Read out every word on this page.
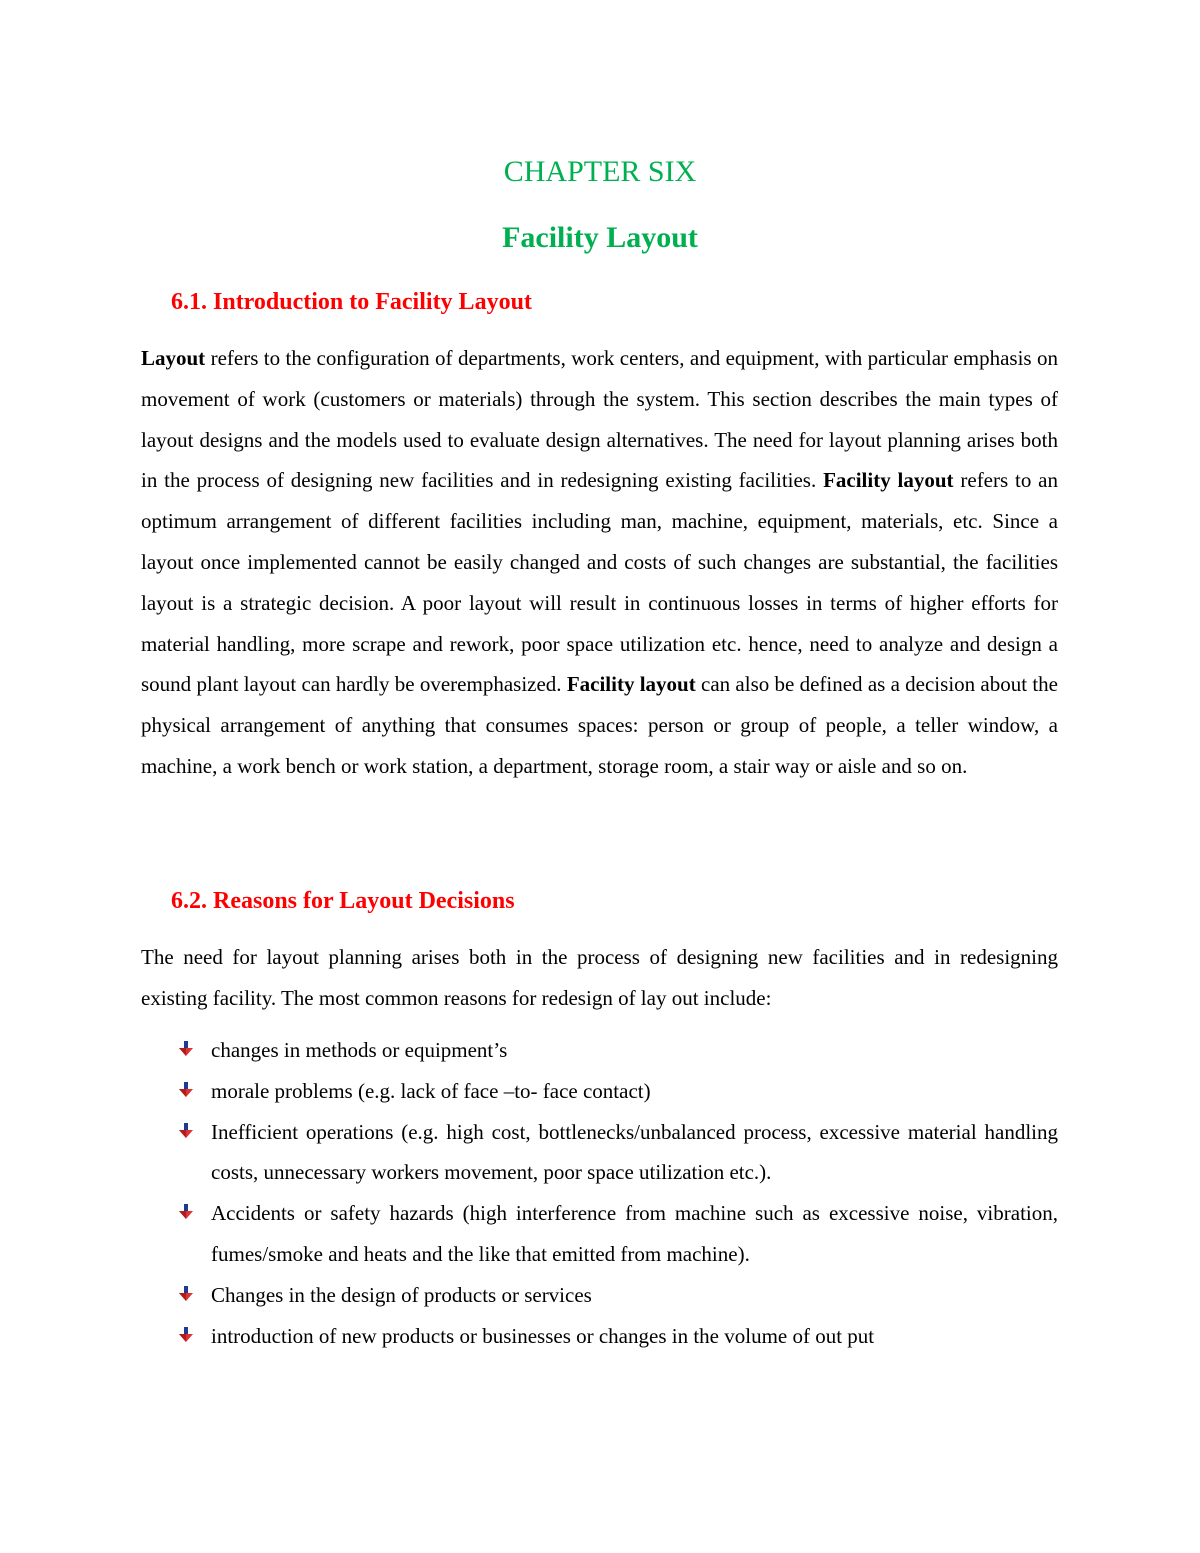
CHAPTER SIX
Facility Layout
6.1. Introduction to Facility Layout

Layout refers to the configuration of departments, work centers, and equipment, with particular emphasis on movement of work (customers or materials) through the system. This section describes the main types of layout designs and the models used to evaluate design alternatives. The need for layout planning arises both in the process of designing new facilities and in redesigning existing facilities. Facility layout refers to an optimum arrangement of different facilities including man, machine, equipment, materials, etc. Since a layout once implemented cannot be easily changed and costs of such changes are substantial, the facilities layout is a strategic decision. A poor layout will result in continuous losses in terms of higher efforts for material handling, more scrape and rework, poor space utilization etc. hence, need to analyze and design a sound plant layout can hardly be overemphasized. Facility layout can also be defined as a decision about the physical arrangement of anything that consumes spaces: person or group of people, a teller window, a machine, a work bench or work station, a department, storage room, a stair way or aisle and so on.

6.2. Reasons for Layout Decisions

The need for layout planning arises both in the process of designing new facilities and in redesigning existing facility. The most common reasons for redesign of lay out include:

changes in methods or equipment’s
morale problems (e.g. lack of face –to- face contact)
Inefficient operations (e.g. high cost, bottlenecks/unbalanced process, excessive material handling costs, unnecessary workers movement, poor space utilization etc.).
Accidents or safety hazards (high interference from machine such as excessive noise, vibration, fumes/smoke and heats and the like that emitted from machine).
Changes in the design of products or services
introduction of new products or businesses or changes in the volume of out put
